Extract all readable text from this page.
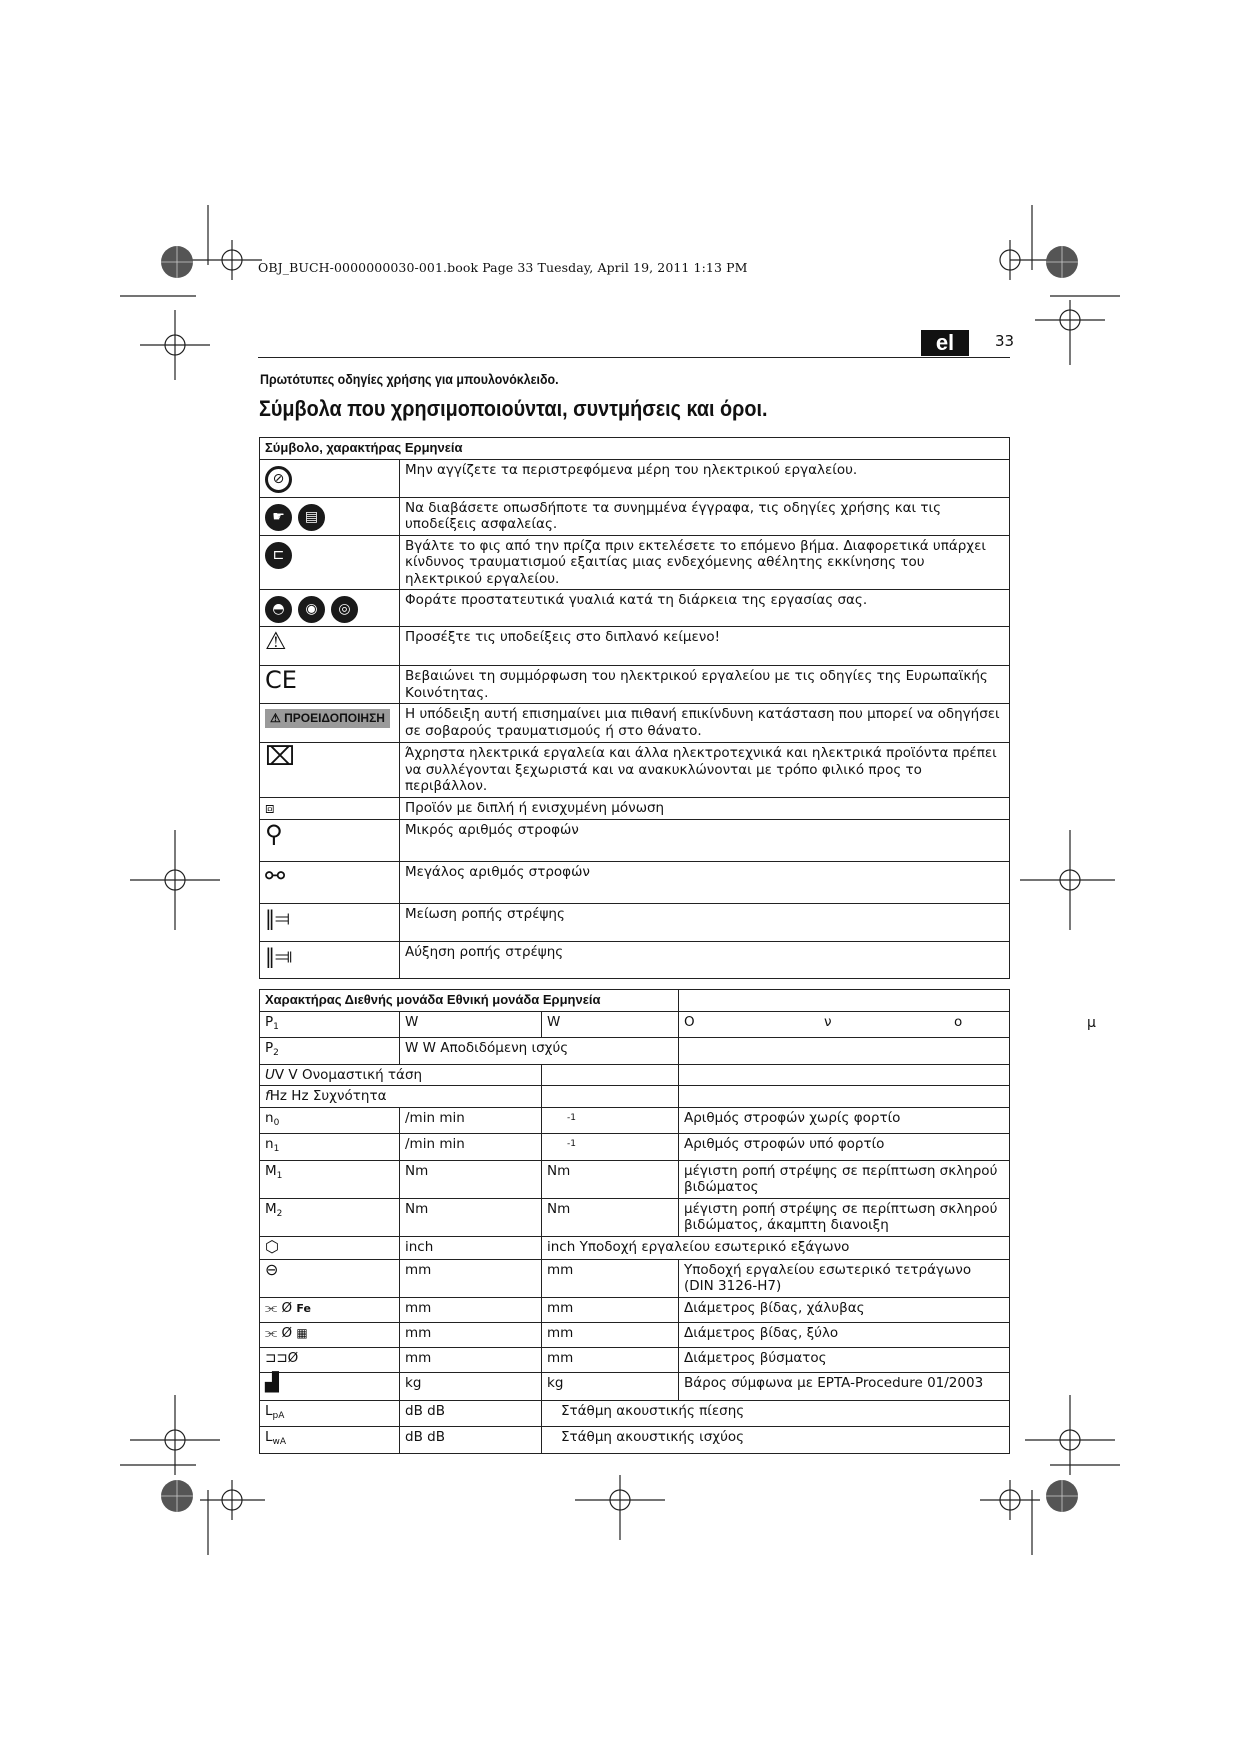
OBJ_BUCH-0000000030-001.book Page 33 Tuesday, April 19, 2011 1:13 PM
el	33
Πρωτότυπες οδηγίες χρήσης για μπουλονόκλειδο.
Σύμβολα που χρησιμοποιούνται, συντμήσεις και όροι.
Σύμβολο, χαρακτήρας Ερμηνεία	

⊘	Μην αγγίζετε τα περιστρεφόμενα μέρη του ηλεκτρικού εργαλείου.

☛ ▤	Να διαβάσετε οπωσδήποτε τα συνημμένα έγγραφα, τις οδηγίες χρήσης και τις υποδείξεις ασφαλείας.

⊏	Βγάλτε το φις από την πρίζα πριν εκτελέσετε το επόμενο βήμα. Διαφορετικά υπάρχει κίνδυνος τραυματισμού εξαιτίας μιας ενδεχόμενης αθέλητης εκκίνησης του ηλεκτρικού εργαλείου.

◓ ◉ ◎	Φοράτε προστατευτικά γυαλιά κατά τη διάρκεια της εργασίας σας.
⚠	Προσέξτε τις υποδείξεις στο διπλανό κείμενο!
C​E	Βεβαιώνει τη συμμόρφωση του ηλεκτρικού εργαλείου με τις οδηγίες της Ευρωπαϊκής Κοινότητας.
⚠ ΠΡΟΕΙΔΟΠΟΙΗΣΗ	Η υπόδειξη αυτή επισημαίνει μια πιθανή επικίνδυνη κατάσταση που μπορεί να οδηγήσει σε σοβαρούς τραυματισμούς ή στο θάνατο.
⌧	Άχρηστα ηλεκτρικά εργαλεία και άλλα ηλεκτροτεχνικά και ηλεκτρικά προϊόντα πρέπει να συλλέγονται ξεχωριστά και να ανακυκλώνονται με τρόπο φιλικό προς το περιβάλλον.
⧈	Προϊόν με διπλή ή ενισχυμένη μόνωση
⚲	Μικρός αριθμός στροφών
⚯	Μεγάλος αριθμός στροφών
‖⫤	Μείωση ροπής στρέψης
‖⫥	Αύξηση ροπής στρέψης
Χαρακτήρας Διεθνής μονάδα Εθνική μονάδα Ερμηνεία			
$P_1$	W	W	Ο ν ο

$P_2$	W W Αποδιδόμενη ισχύς		
UV V Ονομαστική τάση			
fHz Hz Συχνότητα			
$n_0$	/min min	$^{-1}$	Αριθμός στροφών χωρίς φορτίο
$n_1$	/min min	$^{-1}$	Αριθμός στροφών υπό φορτίο
$M_1$	Nm	Nm	μέγιστη ροπή στρέψης σε περίπτωση σκληρού βιδώματος
$M_2$	Nm	Nm	μέγιστη ροπή στρέψης σε περίπτωση σκληρού βιδώματος, άκαμπτη διανοιξη
⬡	inch	inch Υποδοχή εργαλείου εσωτερικό εξάγωνο	
⊖	mm	mm	Υποδοχή εργαλείου εσωτερικό τετράγωνο (DIN 3126-H7)
⫘ Ø Fe	mm	mm	Διάμετρος βίδας, χάλυβας
⫘ Ø ▦	mm	mm	Διάμετρος βίδας, ξύλο
⊐⊐Ø	mm	mm	Διάμετρος βύσματος
▟	kg	kg	Βάρος σύμφωνα με EPTA-Procedure 01/2003
$L_{pA}$	dB dB	Στάθμη ακουστικής πίεσης	

$L_{wA}$	dB dB	Στάθμη ακουστικής ισχύος	
μ
